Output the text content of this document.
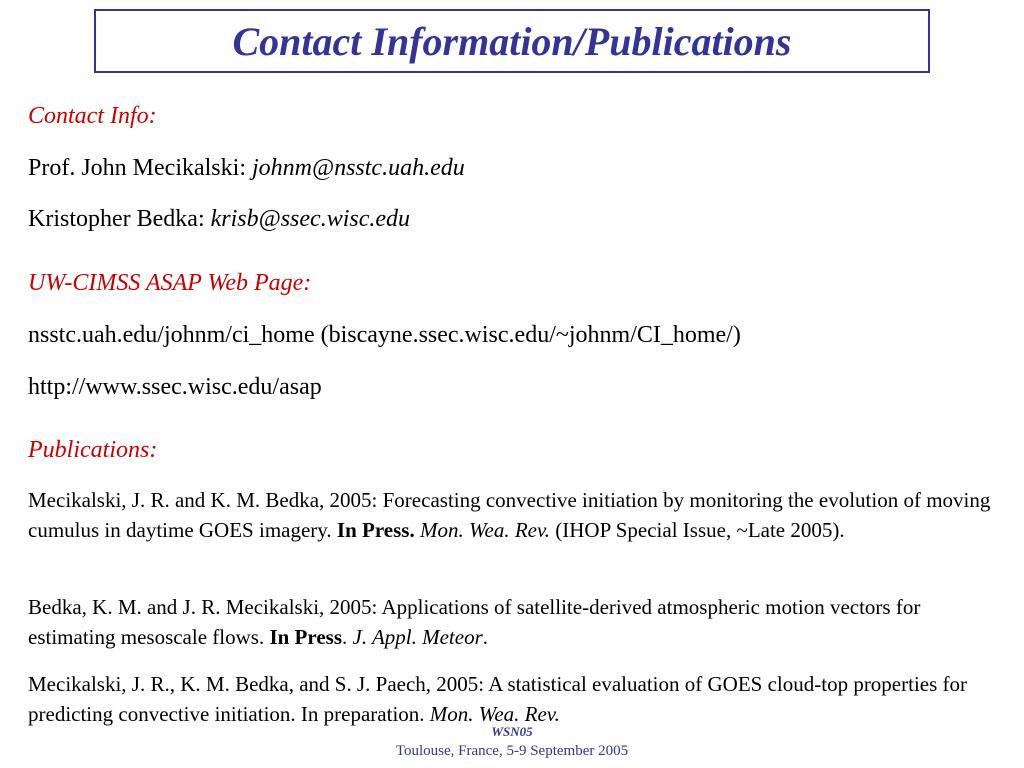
Contact Information/Publications
Contact Info:
Prof. John Mecikalski: johnm@nsstc.uah.edu
Kristopher Bedka: krisb@ssec.wisc.edu
UW-CIMSS ASAP Web Page:
nsstc.uah.edu/johnm/ci_home (biscayne.ssec.wisc.edu/~johnm/CI_home/)
http://www.ssec.wisc.edu/asap
Publications:
Mecikalski, J. R. and K. M. Bedka, 2005: Forecasting convective initiation by monitoring the evolution of moving cumulus in daytime GOES imagery. In Press. Mon. Wea. Rev. (IHOP Special Issue, ~Late 2005).
Bedka, K. M. and J. R. Mecikalski, 2005: Applications of satellite-derived atmospheric motion vectors for estimating mesoscale flows. In Press. J. Appl. Meteor.
Mecikalski, J. R., K. M. Bedka, and S. J. Paech, 2005: A statistical evaluation of GOES cloud-top properties for predicting convective initiation. In preparation. Mon. Wea. Rev.
WSN05
Toulouse, France, 5-9 September 2005
